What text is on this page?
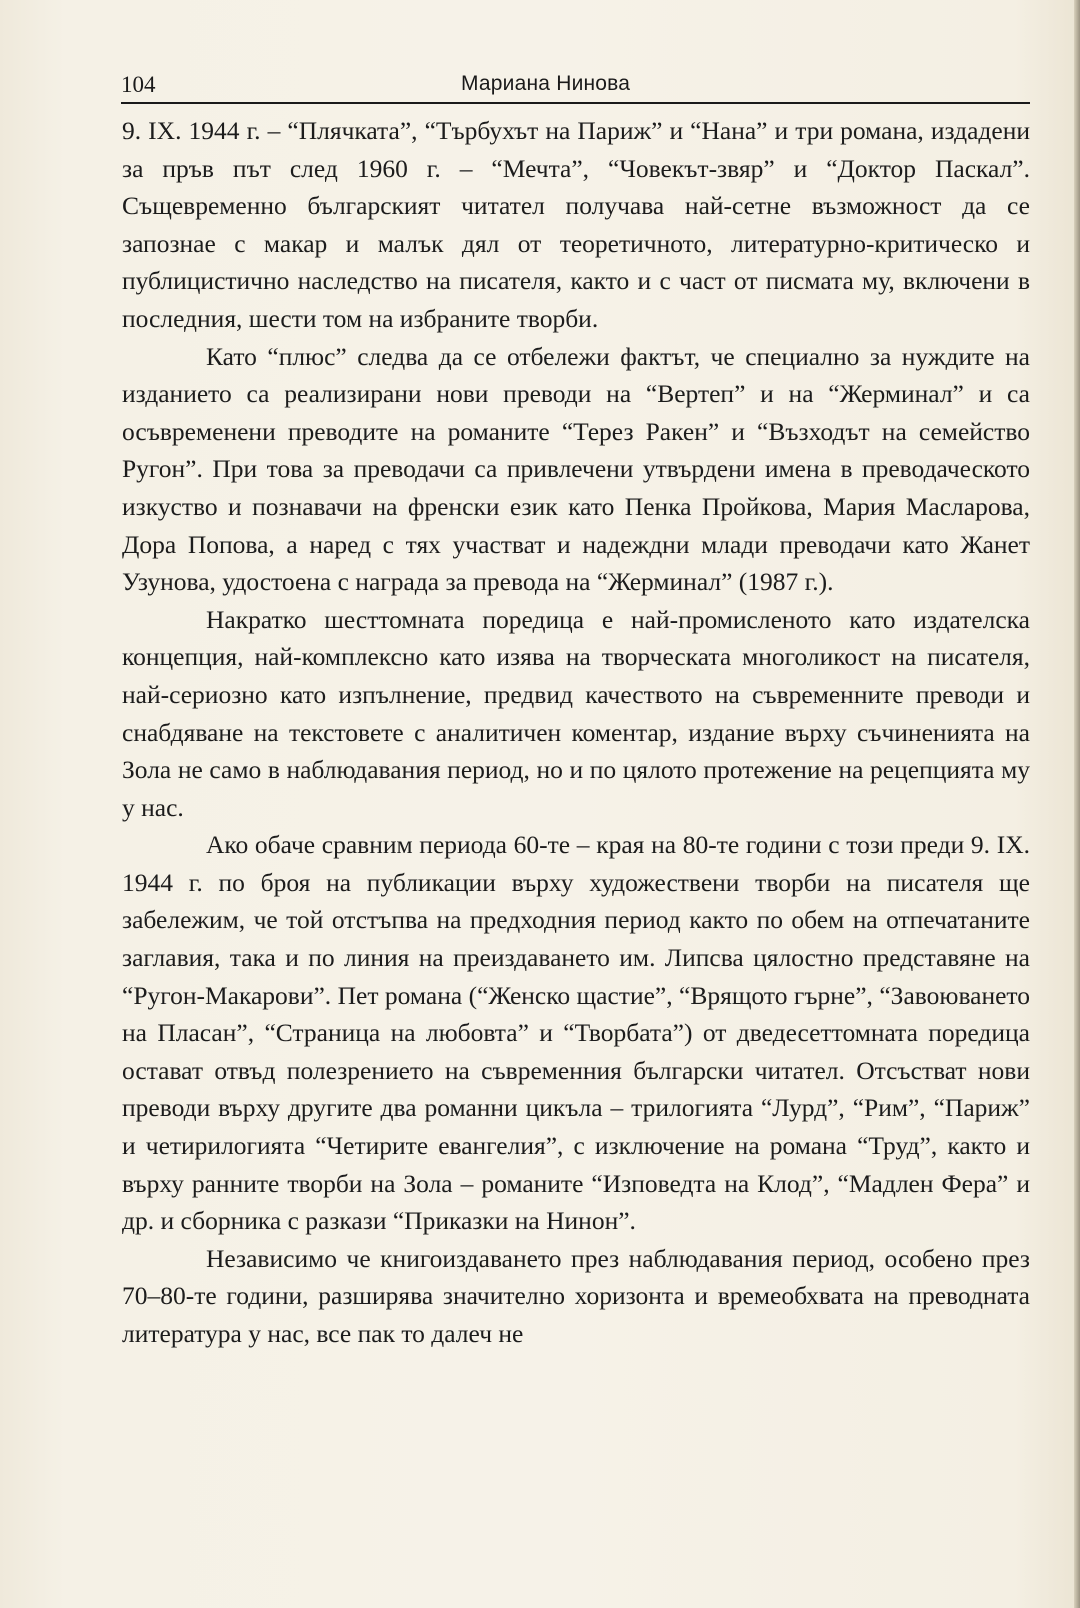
104	Мариана Нинова

9. IX. 1944 г. – “Плячката”, “Търбухът на Париж” и “Нана” и три романа, издадени за пръв път след 1960 г. – “Мечта”, “Човекът-звяр” и “Доктор Паскал”. Същевременно българският читател получава най-сетне възможност да се запознае с макар и малък дял от теоретичното, литературно-критическо и публицистично наследство на писателя, както и с част от писмата му, включени в последния, шести том на избраните творби.

Като “плюс” следва да се отбележи фактът, че специално за нуждите на изданието са реализирани нови преводи на “Вертеп” и на “Жерминал” и са осъвременени преводите на романите “Терез Ракен” и “Възходът на семейство Ругон”. При това за преводачи са привлечени утвърдени имена в преводаческото изкуство и познавачи на френски език като Пенка Пройкова, Мария Масларова, Дора Попова, а наред с тях участват и надеждни млади преводачи като Жанет Узунова, удостоена с награда за превода на “Жерминал” (1987 г.).

Накратко шесттомната поредица е най-промисленото като издателска концепция, най-комплексно като изява на творческата многоликост на писателя, най-сериозно като изпълнение, предвид качеството на съвременните преводи и снабдяване на текстовете с аналитичен коментар, издание върху съчиненията на Зола не само в наблюдавания период, но и по цялото протежение на рецепцията му у нас.

Ако обаче сравним периода 60-те – края на 80-те години с този преди 9. IX. 1944 г. по броя на публикации върху художествени творби на писателя ще забележим, че той отстъпва на предходния период както по обем на отпечатаните заглавия, така и по линия на преиздаването им. Липсва цялостно представяне на “Ругон-Макарови”. Пет романа (“Женско щастие”, “Врящото гърне”, “Завоюването на Пласан”, “Страница на любовта” и “Творбата”) от дведесеттомната поредица остават отвъд полезрението на съвременния български читател. Отсъстват нови преводи върху другите два романни цикъла – трилогията “Лурд”, “Рим”, “Париж” и четирилогията “Четирите евангелия”, с изключение на романа “Труд”, както и върху ранните творби на Зола – романите “Изповедта на Клод”, “Мадлен Фера” и др. и сборника с разкази “Приказки на Нинон”.

Независимо че книгоиздаването през наблюдавания период, особено през 70–80-те години, разширява значително хоризонта и времеобхвата на преводната литература у нас, все пак то далеч не
